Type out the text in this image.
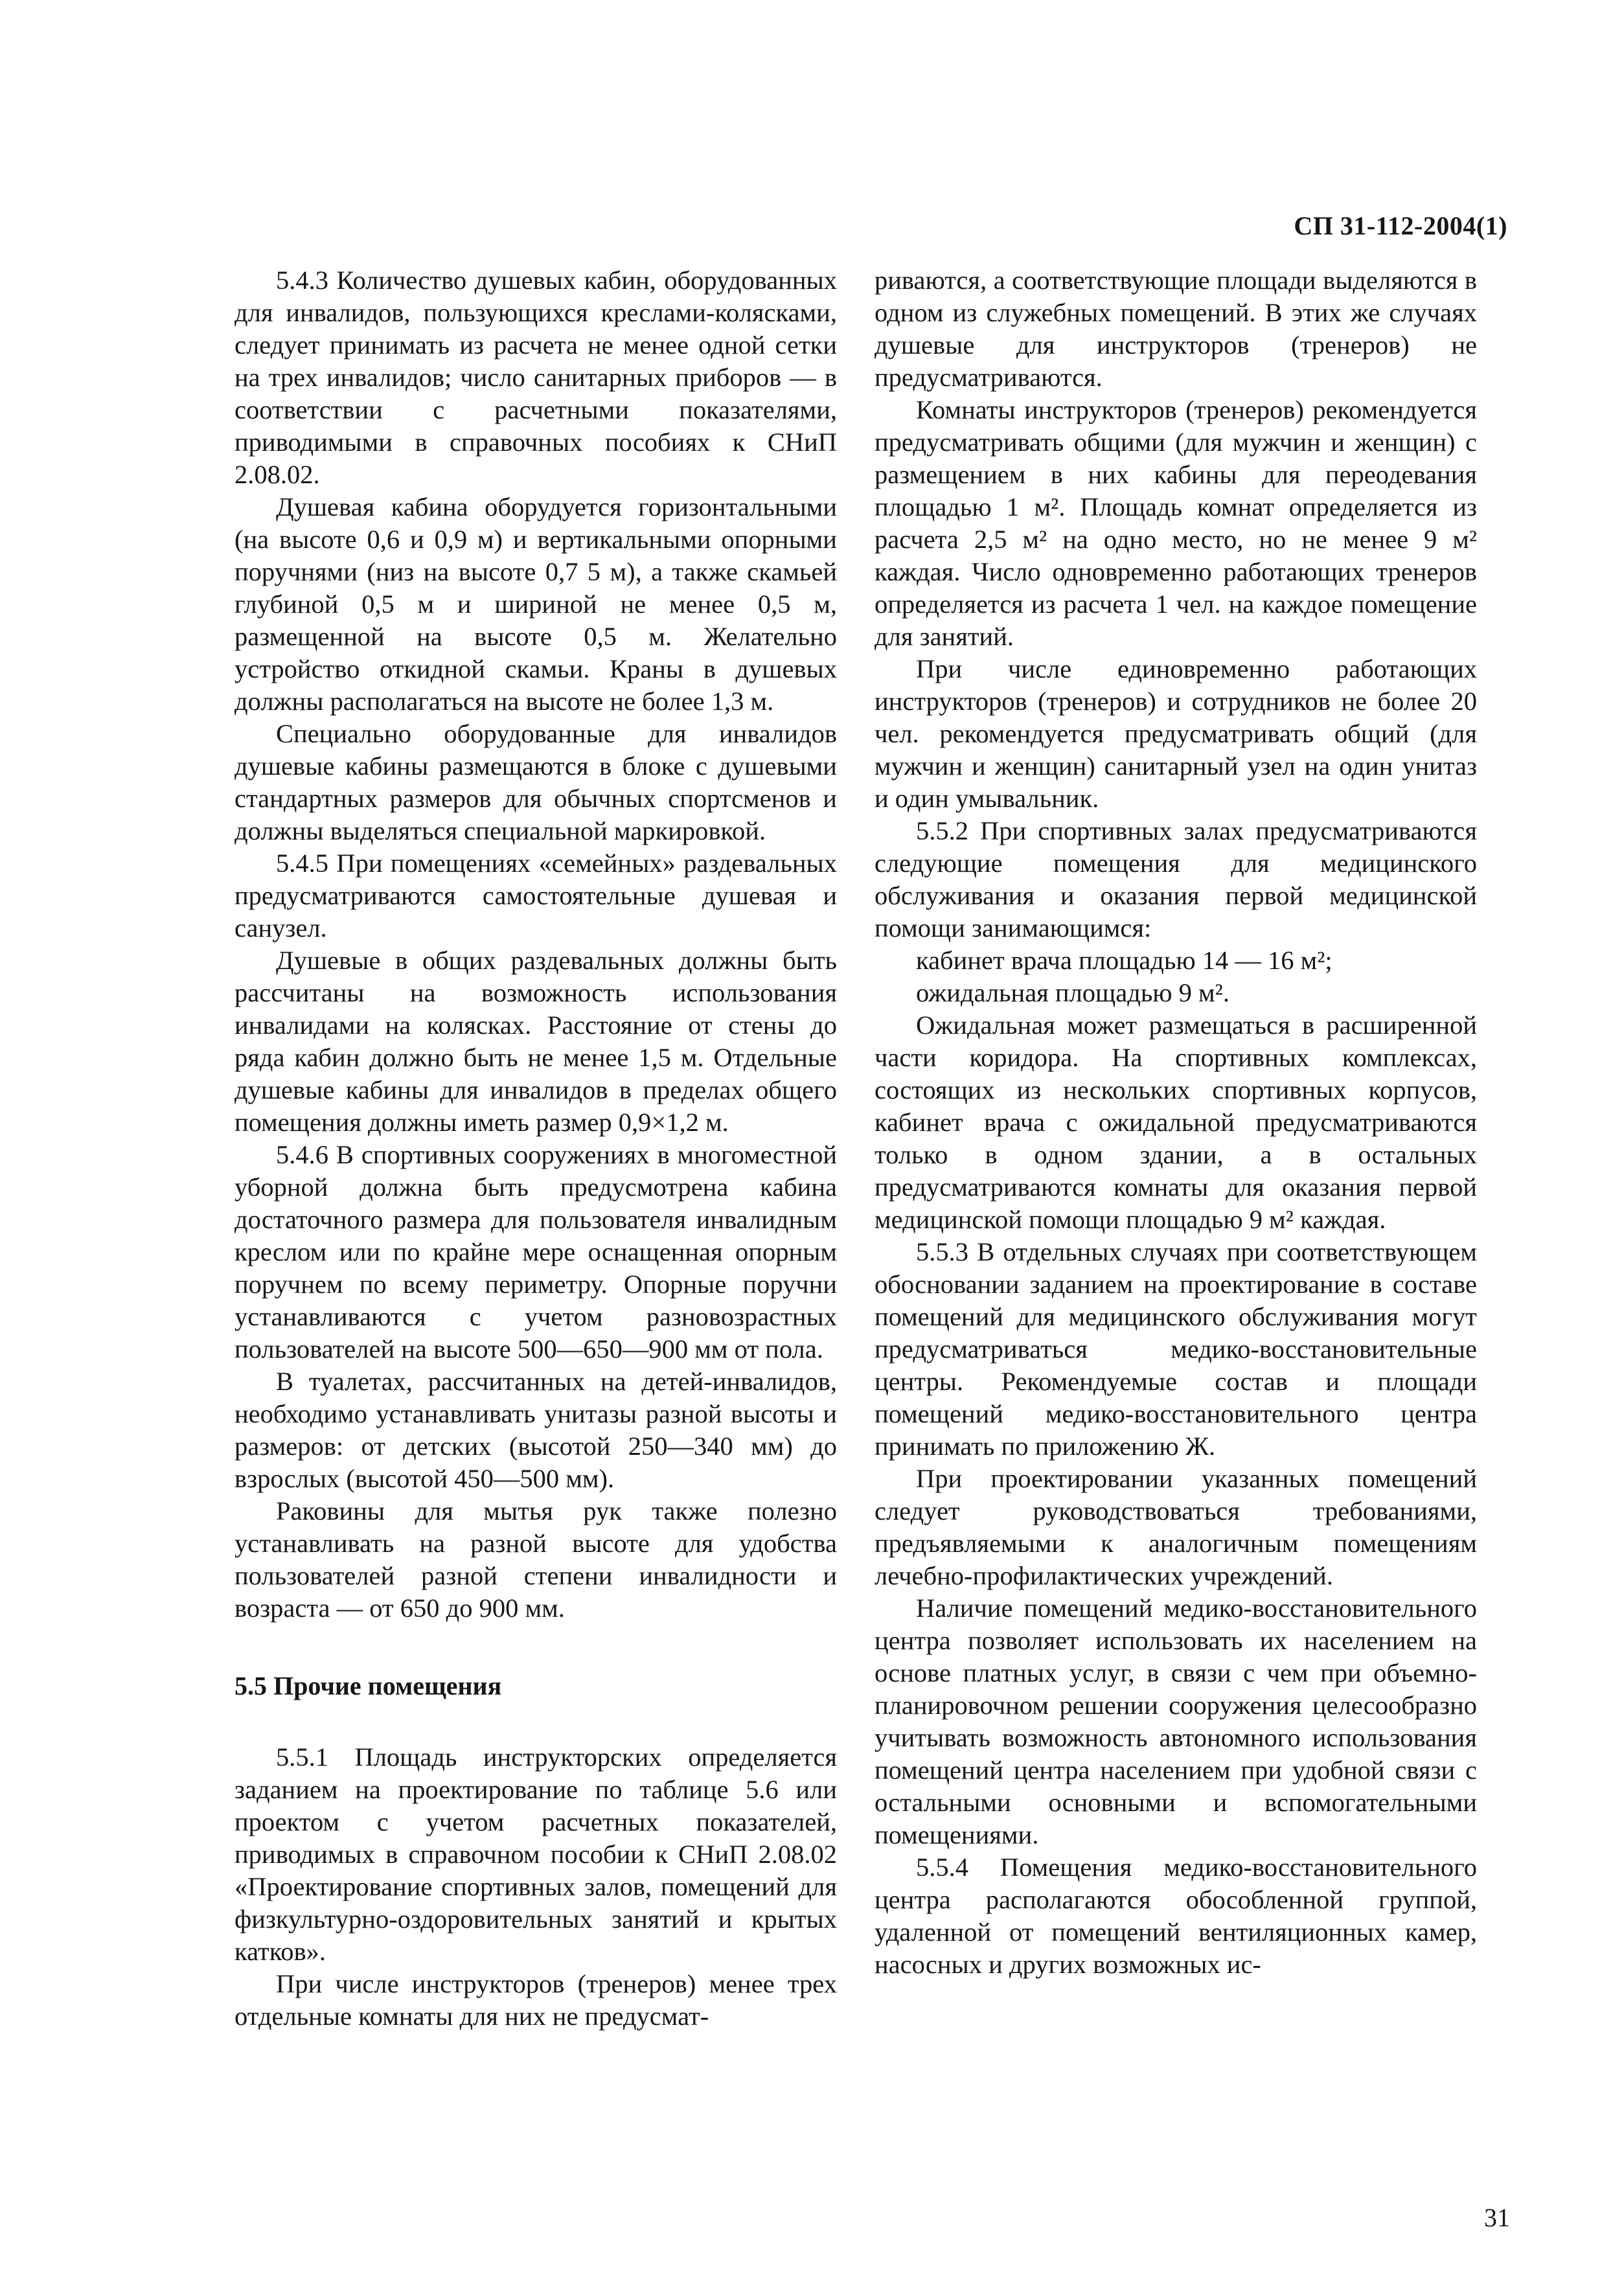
СП 31-112-2004(1)

5.4.3 Количество душевых кабин, оборудованных для инвалидов, пользующихся креслами-колясками, следует принимать из расчета не менее одной сетки на трех инвалидов; число санитарных приборов — в соответствии с расчетными показателями, приводимыми в справочных пособиях к СНиП 2.08.02.

Душевая кабина оборудуется горизонтальными (на высоте 0,6 и 0,9 м) и вертикальными опорными поручнями (низ на высоте 0,7 5 м), а также скамьей глубиной 0,5 м и шириной не менее 0,5 м, размещенной на высоте 0,5 м. Желательно устройство откидной скамьи. Краны в душевых должны располагаться на высоте не более 1,3 м.

Специально оборудованные для инвалидов душевые кабины размещаются в блоке с душевыми стандартных размеров для обычных спортсменов и должны выделяться специальной маркировкой.

5.4.5 При помещениях «семейных» раздевальных предусматриваются самостоятельные душевая и санузел.

Душевые в общих раздевальных должны быть рассчитаны на возможность использования инвалидами на колясках. Расстояние от стены до ряда кабин должно быть не менее 1,5 м. Отдельные душевые кабины для инвалидов в пределах общего помещения должны иметь размер 0,9×1,2 м.

5.4.6 В спортивных сооружениях в многоместной уборной должна быть предусмотрена кабина достаточного размера для пользователя инвалидным креслом или по крайне мере оснащенная опорным поручнем по всему периметру. Опорные поручни устанавливаются с учетом разновозрастных пользователей на высоте 500—650—900 мм от пола.

В туалетах, рассчитанных на детей-инвалидов, необходимо устанавливать унитазы разной высоты и размеров: от детских (высотой 250—340 мм) до взрослых (высотой 450—500 мм).

Раковины для мытья рук также полезно устанавливать на разной высоте для удобства пользователей разной степени инвалидности и возраста — от 650 до 900 мм.

5.5 Прочие помещения

5.5.1 Площадь инструкторских определяется заданием на проектирование по таблице 5.6 или проектом с учетом расчетных показателей, приводимых в справочном пособии к СНиП 2.08.02 «Проектирование спортивных залов, помещений для физкультурно-оздоровительных занятий и крытых катков».

При числе инструкторов (тренеров) менее трех отдельные комнаты для них не предусмат-

риваются, а соответствующие площади выделяются в одном из служебных помещений. В этих же случаях душевые для инструкторов (тренеров) не предусматриваются.

Комнаты инструкторов (тренеров) рекомендуется предусматривать общими (для мужчин и женщин) с размещением в них кабины для переодевания площадью 1 м². Площадь комнат определяется из расчета 2,5 м² на одно место, но не менее 9 м² каждая. Число одновременно работающих тренеров определяется из расчета 1 чел. на каждое помещение для занятий.

При числе единовременно работающих инструкторов (тренеров) и сотрудников не более 20 чел. рекомендуется предусматривать общий (для мужчин и женщин) санитарный узел на один унитаз и один умывальник.

5.5.2 При спортивных залах предусматриваются следующие помещения для медицинского обслуживания и оказания первой медицинской помощи занимающимся:

кабинет врача площадью 14 — 16 м²;

ожидальная площадью 9 м².

Ожидальная может размещаться в расширенной части коридора. На спортивных комплексах, состоящих из нескольких спортивных корпусов, кабинет врача с ожидальной предусматриваются только в одном здании, а в остальных предусматриваются комнаты для оказания первой медицинской помощи площадью 9 м² каждая.

5.5.3 В отдельных случаях при соответствующем обосновании заданием на проектирование в составе помещений для медицинского обслуживания могут предусматриваться медико-восстановительные центры. Рекомендуемые состав и площади помещений медико-восстановительного центра принимать по приложению Ж.

При проектировании указанных помещений следует руководствоваться требованиями, предъявляемыми к аналогичным помещениям лечебно-профилактических учреждений.

Наличие помещений медико-восстановительного центра позволяет использовать их населением на основе платных услуг, в связи с чем при объемно-планировочном решении сооружения целесообразно учитывать возможность автономного использования помещений центра населением при удобной связи с остальными основными и вспомогательными помещениями.

5.5.4 Помещения медико-восстановительного центра располагаются обособленной группой, удаленной от помещений вентиляционных камер, насосных и других возможных ис-

31
